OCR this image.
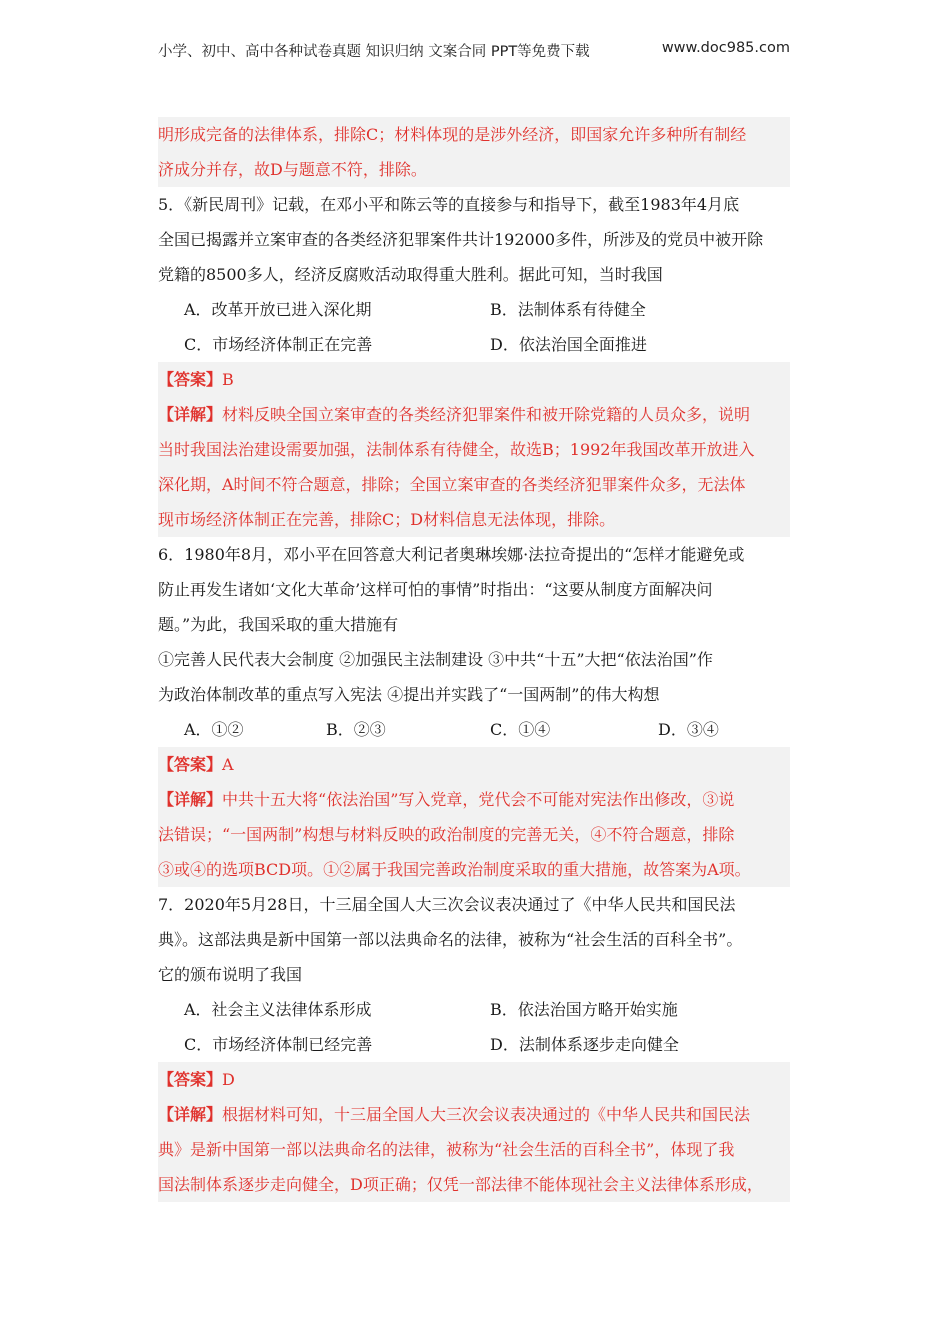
小学、初中、高中各种试卷真题 知识归纳 文案合同 PPT等免费下载	www.doc985.com
明形成完备的法律体系，排除C；材料体现的是涉外经济，即国家允许多种所有制经
济成分并存，故D与题意不符，排除。
5．《新民周刊》记载，在邓小平和陈云等的直接参与和指导下，截至1983年4月底
全国已揭露并立案审查的各类经济犯罪案件共计192000多件，所涉及的党员中被开除
党籍的8500多人，经济反腐败活动取得重大胜利。据此可知，当时我国
A．改革开放已进入深化期	B．法制体系有待健全
C．市场经济体制正在完善	D．依法治国全面推进
【答案】B
【详解】材料反映全国立案审查的各类经济犯罪案件和被开除党籍的人员众多，说明
当时我国法治建设需要加强，法制体系有待健全，故选B；1992年我国改革开放进入
深化期，A时间不符合题意，排除；全国立案审查的各类经济犯罪案件众多，无法体
现市场经济体制正在完善，排除C；D材料信息无法体现，排除。
6．1980年8月，邓小平在回答意大利记者奥琳埃娜·法拉奇提出的“怎样才能避免或
防止再发生诸如‘文化大革命’这样可怕的事情”时指出：“这要从制度方面解决问
题。”为此，我国采取的重大措施有
①完善人民代表大会制度 ②加强民主法制建设 ③中共“十五”大把“依法治国”作
为政治体制改革的重点写入宪法 ④提出并实践了“一国两制”的伟大构想
A．①②	B．②③	C．①④	D．③④
【答案】A
【详解】中共十五大将“依法治国”写入党章，党代会不可能对宪法作出修改，③说
法错误；“一国两制”构想与材料反映的政治制度的完善无关，④不符合题意，排除
③或④的选项BCD项。①②属于我国完善政治制度采取的重大措施，故答案为A项。
7．2020年5月28日，十三届全国人大三次会议表决通过了《中华人民共和国民法
典》。这部法典是新中国第一部以法典命名的法律，被称为“社会生活的百科全书”。
它的颁布说明了我国
A．社会主义法律体系形成	B．依法治国方略开始实施
C．市场经济体制已经完善	D．法制体系逐步走向健全
【答案】D
【详解】根据材料可知，十三届全国人大三次会议表决通过的《中华人民共和国民法
典》是新中国第一部以法典命名的法律，被称为“社会生活的百科全书”，体现了我
国法制体系逐步走向健全，D项正确；仅凭一部法律不能体现社会主义法律体系形成，
